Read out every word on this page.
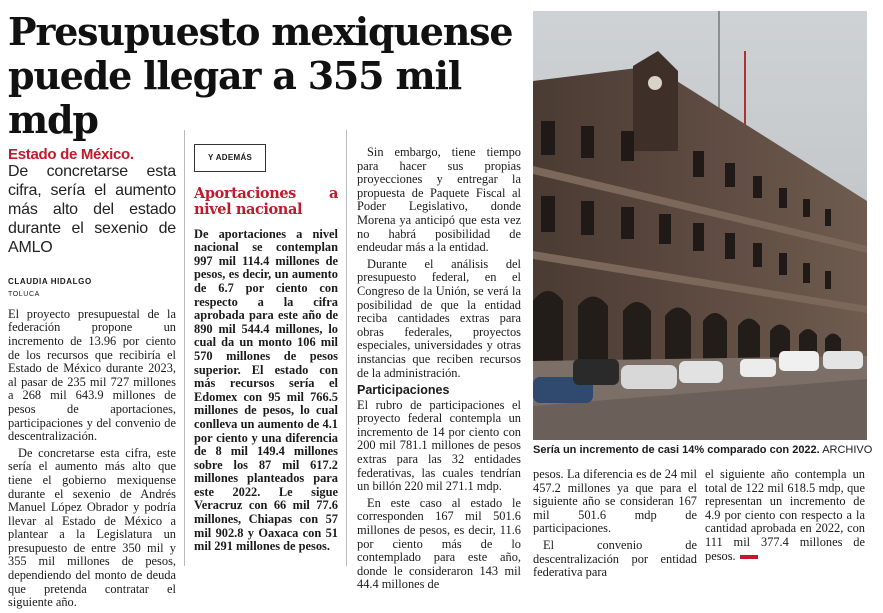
Presupuesto mexiquense
puede llegar a 355 mil mdp
Estado de México.
De concretarse esta cifra, sería el aumento más alto del estado durante el sexenio de AMLO
CLAUDIA HIDALGO
TOLUCA

El proyecto presupuestal de la federación propone un incremento de 13.96 por ciento de los recursos que recibiría el Estado de México durante 2023, al pasar de 235 mil 727 millones a 268 mil 643.9 millones de pesos de aportaciones, participaciones y del convenio de descentralización.

De concretarse esta cifra, este sería el aumento más alto que tiene el gobierno mexiquense durante el sexenio de Andrés Manuel López Obrador y podría llevar al Estado de México a plantear a la Legislatura un presupuesto de entre 350 mil y 355 mil millones de pesos, dependiendo del monto de deuda que pretenda contratar el siguiente año.

Y ADEMÁS
Aportaciones a nivel nacional
De aportaciones a nivel nacional se contemplan 997 mil 114.4 millones de pesos, es decir, un aumento de 6.7 por ciento con respecto a la cifra aprobada para este año de 890 mil 544.4 millones, lo cual da un monto 106 mil 570 millones de pesos superior. El estado con más recursos sería el Edomex con 95 mil 766.5 millones de pesos, lo cual conlleva un aumento de 4.1 por ciento y una diferencia de 8 mil 149.4 millones sobre los 87 mil 617.2 millones planteados para este 2022. Le sigue Veracruz con 66 mil 77.6 millones, Chiapas con 57 mil 902.8 y Oaxaca con 51 mil 291 millones de pesos.

Sin embargo, tiene tiempo para hacer sus propias proyecciones y entregar la propuesta de Paquete Fiscal al Poder Legislativo, donde Morena ya anticipó que esta vez no habrá posibilidad de endeudar más a la entidad.

Durante el análisis del presupuesto federal, en el Congreso de la Unión, se verá la posibilidad de que la entidad reciba cantidades extras para obras federales, proyectos especiales, universidades y otras instancias que reciben recursos de la administración.

Participaciones

El rubro de participaciones el proyecto federal contempla un incremento de 14 por ciento con 200 mil 781.1 millones de pesos extras para las 32 entidades federativas, las cuales tendrían un billón 220 mil 271.1 mdp.

En este caso al estado le corresponden 167 mil 501.6 millones de pesos, es decir, 11.6 por ciento más de lo contemplado para este año, donde le consideraron 143 mil 44.4 millones de

Sería un incremento de casi 14% comparado con 2022. ARCHIVO

pesos. La diferencia es de 24 mil 457.2 millones ya que para el siguiente año se consideran 167 mil 501.6 mdp de participaciones.

El convenio de descentralización por entidad federativa para

el siguiente año contempla un total de 122 mil 618.5 mdp, que representan un incremento de 4.9 por ciento con respecto a la cantidad aprobada en 2022, con 111 mil 377.4 millones de pesos.
